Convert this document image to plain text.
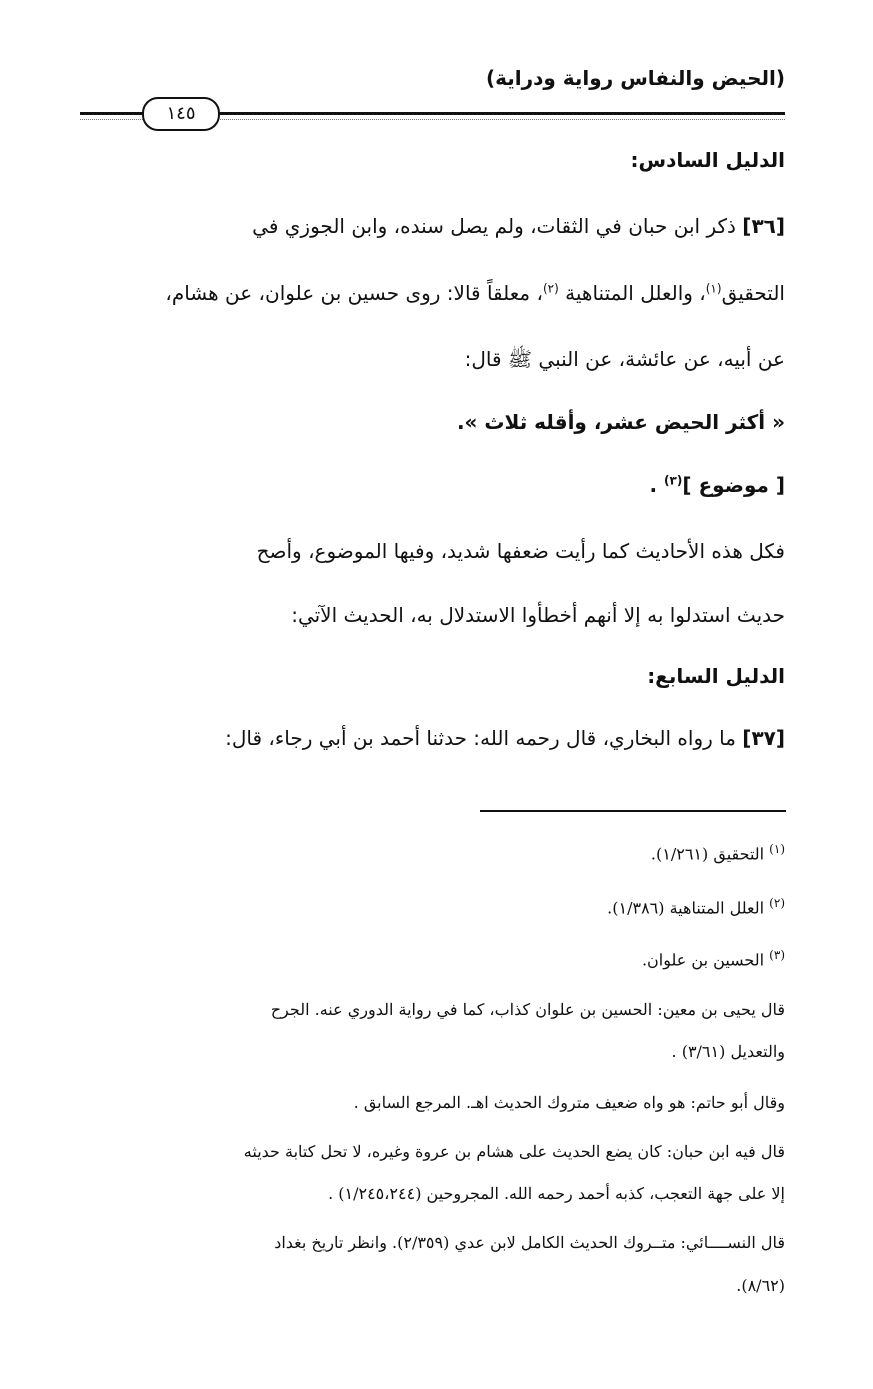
(الحيض والنفاس رواية ودراية)
١٤٥
الدليل السادس:
[٣٦] ذكر ابن حبان في الثقات، ولم يصل سنده، وابن الجوزي في
التحقيق$^{(١)}$، والعلل المتناهية $^{(٢)}$، معلقاً قالا: روى حسين بن علوان، عن هشام،
عن أبيه، عن عائشة، عن النبي ﷺ قال:
« أكثر الحيض عشر، وأقله ثلاث ».
[ موضوع ]$^{(٣)}$ .
فكل هذه الأحاديث كما رأيت ضعفها شديد، وفيها الموضوع، وأصح
حديث استدلوا به إلا أنهم أخطأوا الاستدلال به، الحديث الآتي:
الدليل السابع:
[٣٧] ما رواه البخاري، قال رحمه الله: حدثنا أحمد بن أبي رجاء، قال:
$^{(١)}$ التحقيق (١/٢٦١).
$^{(٢)}$ العلل المتناهية (١/٣٨٦).
$^{(٣)}$ الحسين بن علوان.
قال يحيى بن معين: الحسين بن علوان كذاب، كما في رواية الدوري عنه. الجرح
والتعديل (٣/٦١) .
وقال أبو حاتم: هو واه ضعيف متروك الحديث اهـ. المرجع السابق .
قال فيه ابن حبان: كان يضع الحديث على هشام بن عروة وغيره، لا تحل كتابة حديثه
إلا على جهة التعجب، كذبه أحمد رحمه الله. المجروحين (١/٢٤٥،٢٤٤) .
قال النســــائي: متــروك الحديث الكامل لابن عدي (٢/٣٥٩). وانظر تاريخ بغداد
(٨/٦٢).
